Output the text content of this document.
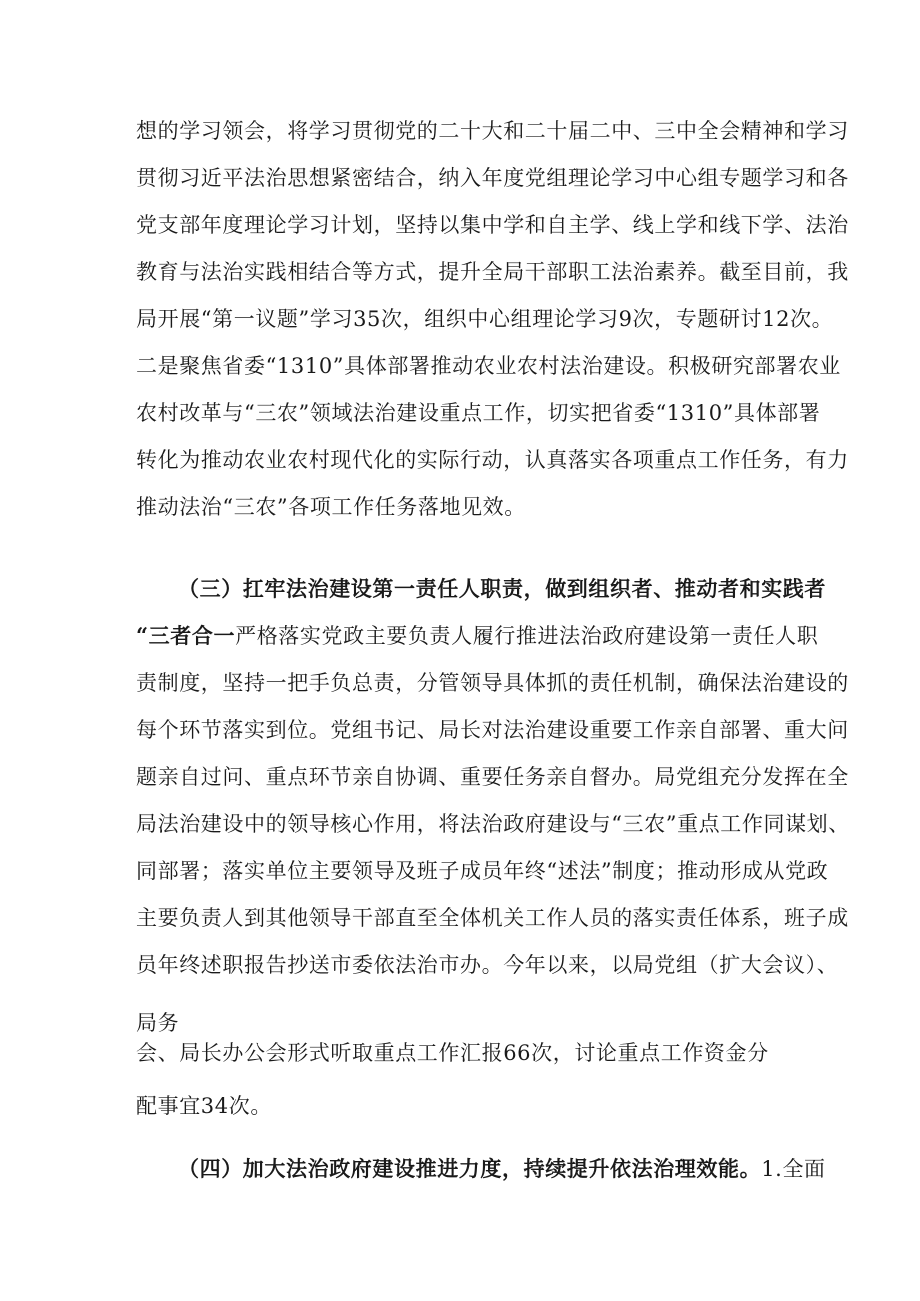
想的学习领会，将学习贯彻党的二十大和二十届二中、三中全会精神和学习
贯彻习近平法治思想紧密结合，纳入年度党组理论学习中心组专题学习和各
党支部年度理论学习计划，坚持以集中学和自主学、线上学和线下学、法治
教育与法治实践相结合等方式，提升全局干部职工法治素养。截至目前，我
局开展“第一议题”学习35次，组织中心组理论学习9次，专题研讨12次。
二是聚焦省委“1310”具体部署推动农业农村法治建设。积极研究部署农业
农村改革与“三农”领域法治建设重点工作，切实把省委“1310”具体部署
转化为推动农业农村现代化的实际行动，认真落实各项重点工作任务，有力
推动法治“三农”各项工作任务落地见效。
（三）扛牢法治建设第一责任人职责，做到组织者、推动者和实践者
“三者合一严格落实党政主要负责人履行推进法治政府建设第一责任人职
责制度，坚持一把手负总责，分管领导具体抓的责任机制，确保法治建设的
每个环节落实到位。党组书记、局长对法治建设重要工作亲自部署、重大问
题亲自过问、重点环节亲自协调、重要任务亲自督办。局党组充分发挥在全
局法治建设中的领导核心作用，将法治政府建设与“三农”重点工作同谋划、
同部署；落实单位主要领导及班子成员年终“述法”制度；推动形成从党政
主要负责人到其他领导干部直至全体机关工作人员的落实责任体系，班子成
员年终述职报告抄送市委依法治市办。今年以来，以局党组（扩大会议）、
局务
会、局长办公会形式听取重点工作汇报66次，讨论重点工作资金分
配事宜34次。
（四）加大法治政府建设推进力度，持续提升依法治理效能。1.全面
